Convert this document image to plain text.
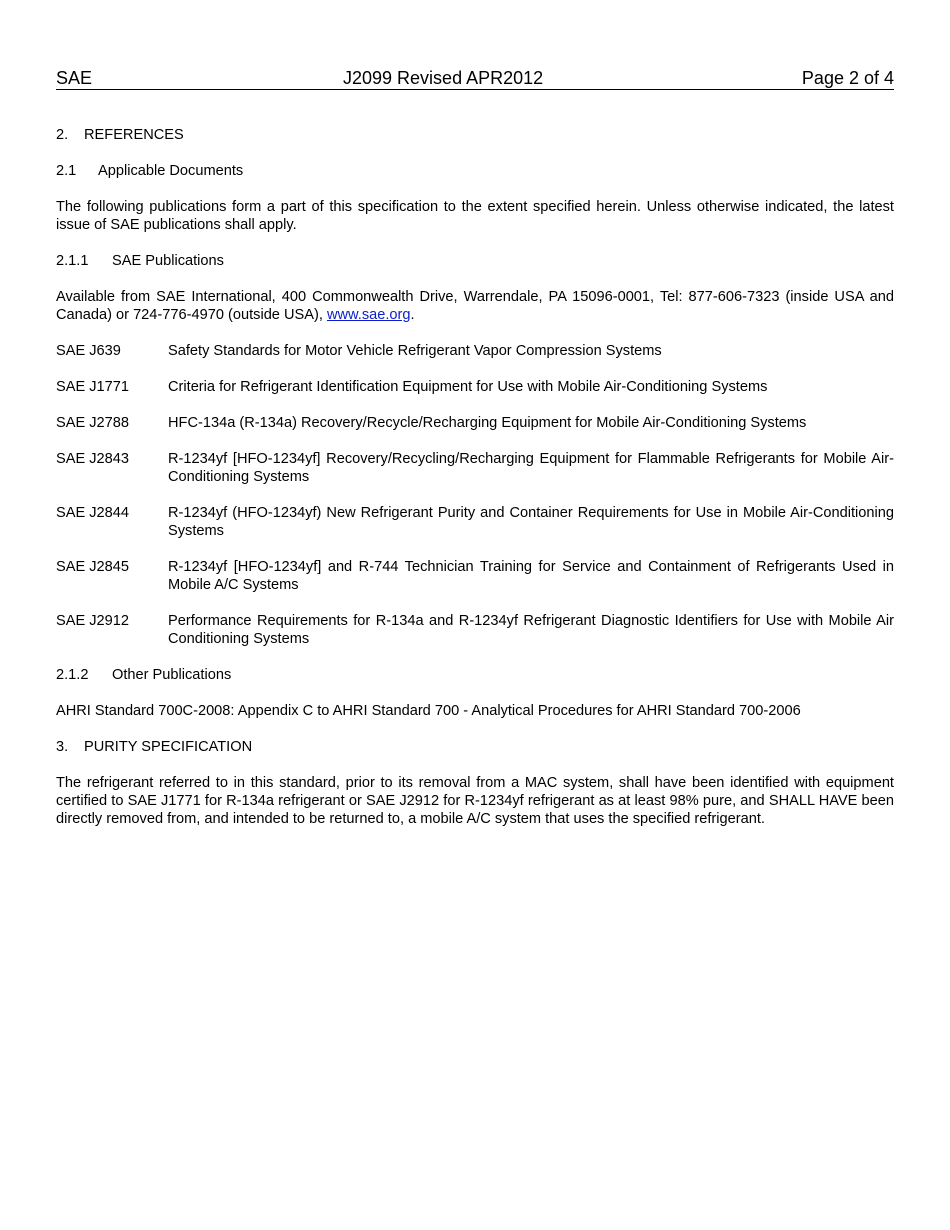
SAE	J2099 Revised APR2012	Page 2 of 4
2.	REFERENCES
2.1	Applicable Documents

The following publications form a part of this specification to the extent specified herein. Unless otherwise indicated, the latest issue of SAE publications shall apply.

2.1.1	SAE Publications

Available from SAE International, 400 Commonwealth Drive, Warrendale, PA 15096-0001, Tel: 877-606-7323 (inside USA and Canada) or 724-776-4970 (outside USA), www.sae.org.

SAE J639	Safety Standards for Motor Vehicle Refrigerant Vapor Compression Systems
SAE J1771	Criteria for Refrigerant Identification Equipment for Use with Mobile Air-Conditioning Systems
SAE J2788	HFC-134a (R-134a) Recovery/Recycle/Recharging Equipment for Mobile Air-Conditioning Systems
SAE J2843	R-1234yf [HFO-1234yf] Recovery/Recycling/Recharging Equipment for Flammable Refrigerants for Mobile Air-Conditioning Systems
SAE J2844	R-1234yf (HFO-1234yf) New Refrigerant Purity and Container Requirements for Use in Mobile Air-Conditioning Systems
SAE J2845	R-1234yf [HFO-1234yf] and R-744 Technician Training for Service and Containment of Refrigerants Used in Mobile A/C Systems
SAE J2912	Performance Requirements for R-134a and R-1234yf Refrigerant Diagnostic Identifiers for Use with Mobile Air Conditioning Systems
2.1.2	Other Publications

AHRI Standard 700C-2008: Appendix C to AHRI Standard 700 - Analytical Procedures for AHRI Standard 700-2006

3.	PURITY SPECIFICATION

The refrigerant referred to in this standard, prior to its removal from a MAC system, shall have been identified with equipment certified to SAE J1771 for R-134a refrigerant or SAE J2912 for R-1234yf refrigerant as at least 98% pure, and SHALL HAVE been directly removed from, and intended to be returned to, a mobile A/C system that uses the specified refrigerant.
